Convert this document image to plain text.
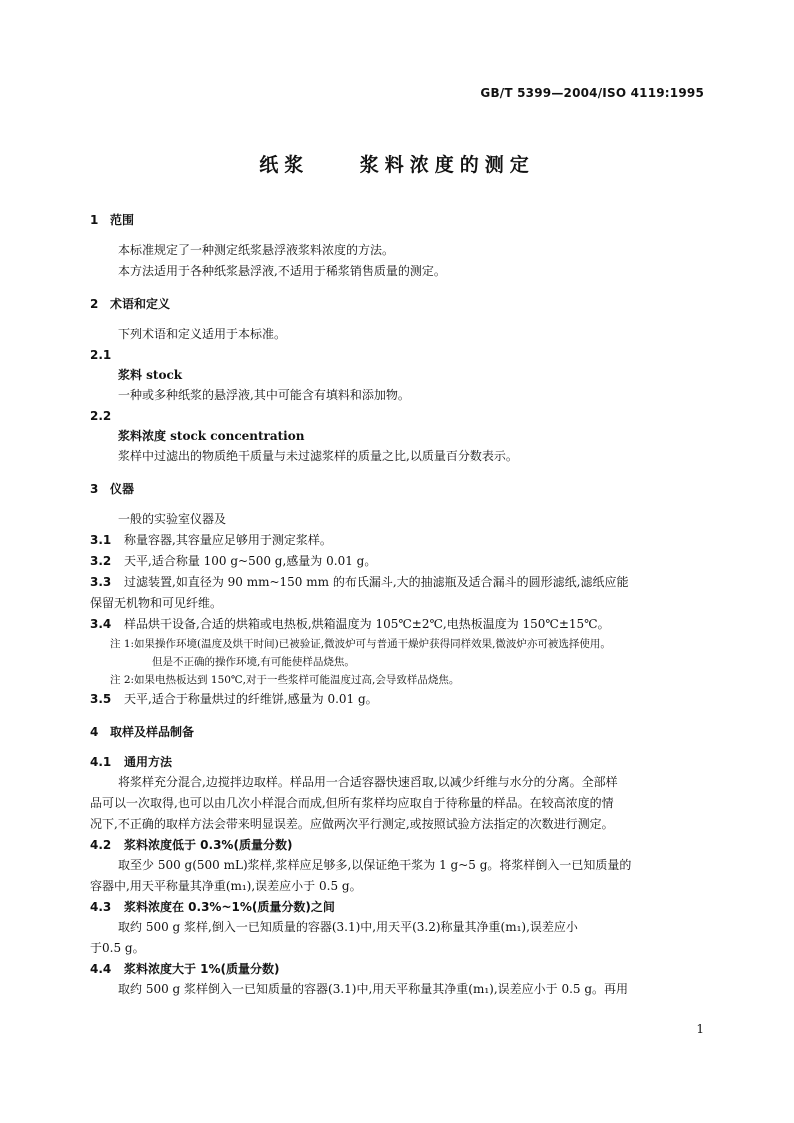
GB/T 5399—2004/ISO 4119:1995
纸浆    浆料浓度的测定
1 范围
本标准规定了一种测定纸浆悬浮液浆料浓度的方法。
本方法适用于各种纸浆悬浮液,不适用于稀浆销售质量的测定。
2 术语和定义
下列术语和定义适用于本标准。
2.1
浆料 stock
一种或多种纸浆的悬浮液,其中可能含有填料和添加物。
2.2
浆料浓度 stock concentration
浆样中过滤出的物质绝干质量与未过滤浆样的质量之比,以质量百分数表示。
3 仪器
一般的实验室仪器及
3.1 称量容器,其容量应足够用于测定浆样。
3.2 天平,适合称量 100 g~500 g,感量为 0.01 g。
3.3 过滤装置,如直径为 90 mm~150 mm 的布氏漏斗,大的抽滤瓶及适合漏斗的圆形滤纸,滤纸应能
保留无机物和可见纤维。
3.4 样品烘干设备,合适的烘箱或电热板,烘箱温度为 105℃±2℃,电热板温度为 150℃±15℃。
注 1:如果操作环境(温度及烘干时间)已被验证,微波炉可与普通干燥炉获得同样效果,微波炉亦可被选择使用。
但是不正确的操作环境,有可能使样品烧焦。
注 2:如果电热板达到 150℃,对于一些浆样可能温度过高,会导致样品烧焦。
3.5 天平,适合于称量烘过的纤维饼,感量为 0.01 g。
4 取样及样品制备
4.1 通用方法
将浆样充分混合,边搅拌边取样。样品用一合适容器快速舀取,以减少纤维与水分的分离。全部样
品可以一次取得,也可以由几次小样混合而成,但所有浆样均应取自于待称量的样品。在较高浓度的情
况下,不正确的取样方法会带来明显误差。应做两次平行测定,或按照试验方法指定的次数进行测定。
4.2 浆料浓度低于 0.3%(质量分数)
取至少 500 g(500 mL)浆样,浆样应足够多,以保证绝干浆为 1 g~5 g。将浆样倒入一已知质量的
容器中,用天平称量其净重(m₁),误差应小于 0.5 g。
4.3 浆料浓度在 0.3%~1%(质量分数)之间
取约 500 g 浆样,倒入一已知质量的容器(3.1)中,用天平(3.2)称量其净重(m₁),误差应小
于0.5 g。
4.4 浆料浓度大于 1%(质量分数)
取约 500 g 浆样倒入一已知质量的容器(3.1)中,用天平称量其净重(m₁),误差应小于 0.5 g。再用
1
